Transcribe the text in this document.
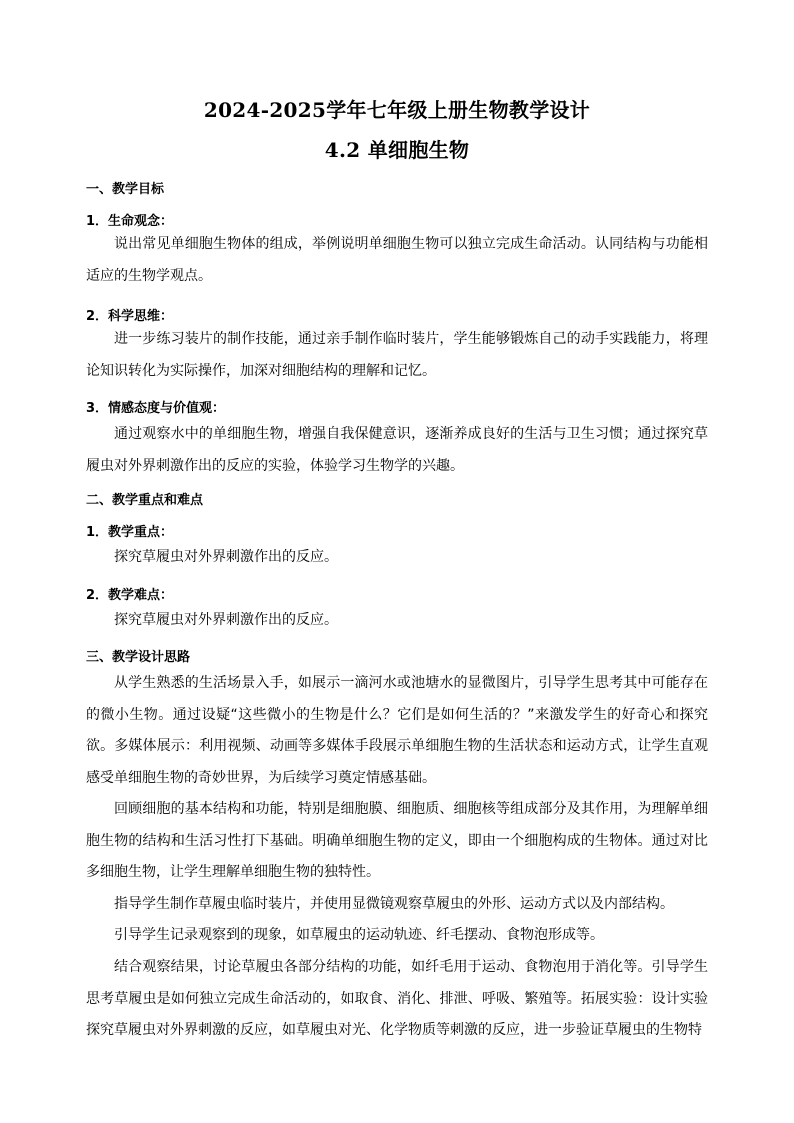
2024-2025学年七年级上册生物教学设计
4.2 单细胞生物
一、教学目标
1．生命观念：

说出常见单细胞生物体的组成，举例说明单细胞生物可以独立完成生命活动。认同结构与功能相适应的生物学观点。

2．科学思维：

进一步练习装片的制作技能，通过亲手制作临时装片，学生能够锻炼自己的动手实践能力，将理论知识转化为实际操作，加深对细胞结构的理解和记忆。

3．情感态度与价值观：

通过观察水中的单细胞生物，增强自我保健意识，逐渐养成良好的生活与卫生习惯；通过探究草履虫对外界刺激作出的反应的实验，体验学习生物学的兴趣。

二、教学重点和难点
1．教学重点：

探究草履虫对外界刺激作出的反应。

2．教学难点：

探究草履虫对外界刺激作出的反应。

三、教学设计思路

从学生熟悉的生活场景入手，如展示一滴河水或池塘水的显微图片，引导学生思考其中可能存在的微小生物。通过设疑“这些微小的生物是什么？它们是如何生活的？”来激发学生的好奇心和探究欲。多媒体展示：利用视频、动画等多媒体手段展示单细胞生物的生活状态和运动方式，让学生直观感受单细胞生物的奇妙世界，为后续学习奠定情感基础。

回顾细胞的基本结构和功能，特别是细胞膜、细胞质、细胞核等组成部分及其作用，为理解单细胞生物的结构和生活习性打下基础。明确单细胞生物的定义，即由一个细胞构成的生物体。通过对比多细胞生物，让学生理解单细胞生物的独特性。

指导学生制作草履虫临时装片，并使用显微镜观察草履虫的外形、运动方式以及内部结构。

引导学生记录观察到的现象，如草履虫的运动轨迹、纤毛摆动、食物泡形成等。

结合观察结果，讨论草履虫各部分结构的功能，如纤毛用于运动、食物泡用于消化等。引导学生思考草履虫是如何独立完成生命活动的，如取食、消化、排泄、呼吸、繁殖等。拓展实验：设计实验探究草履虫对外界刺激的反应，如草履虫对光、化学物质等刺激的反应，进一步验证草履虫的生物特
